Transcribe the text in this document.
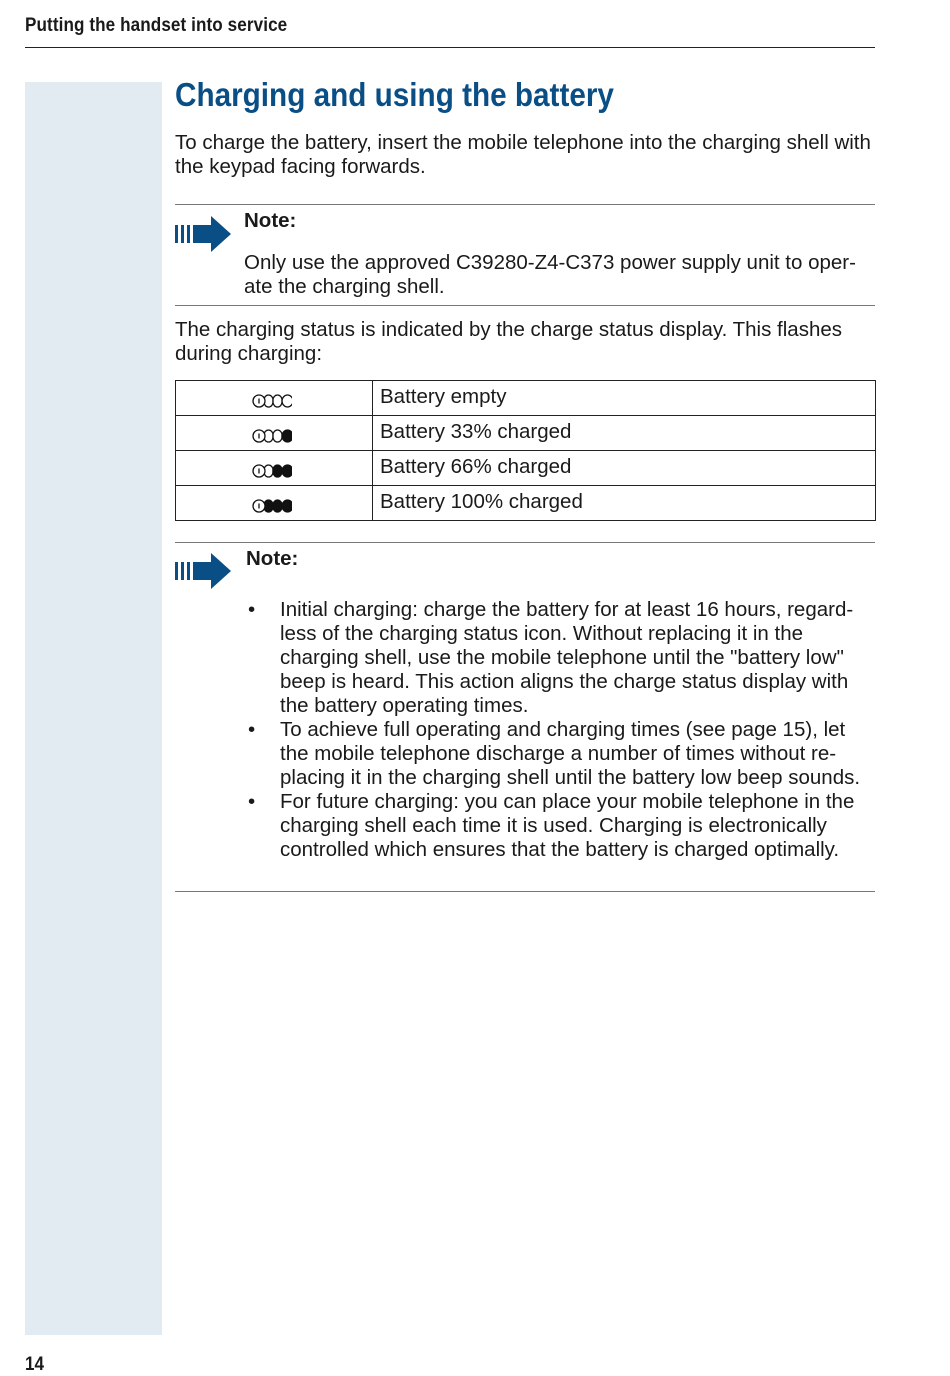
Putting the handset into service
Charging and using the battery

To charge the battery, insert the mobile telephone into the charging shell with the keypad facing forwards.

Note:
Only use the approved C39280-Z4-C373 power supply unit to oper-ate the charging shell.

The charging status is indicated by the charge status display. This flashes during charging:

	Battery empty
	Battery 33% charged
	Battery 66% charged
	Battery 100% charged
Note:
• Initial charging: charge the battery for at least 16 hours, regard-less of the charging status icon. Without replacing it in the charging shell, use the mobile telephone until the "battery low" beep is heard. This action aligns the charge status display with the battery operating times.
• To achieve full operating and charging times (see page 15), let the mobile telephone discharge a number of times without re-placing it in the charging shell until the battery low beep sounds.
• For future charging: you can place your mobile telephone in the charging shell each time it is used. Charging is electronically controlled which ensures that the battery is charged optimally.
14
